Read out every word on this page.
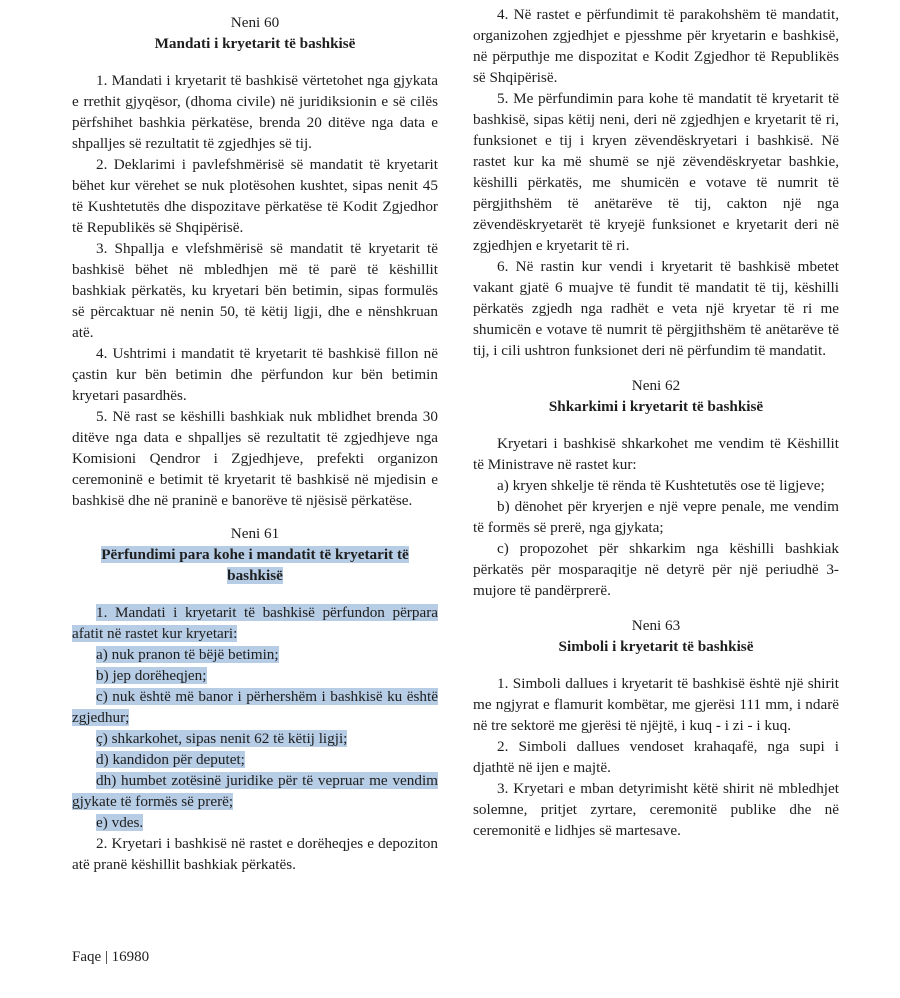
Neni 60
Mandati i kryetarit të bashkisë

1. Mandati i kryetarit të bashkisë vërtetohet nga gjykata e rrethit gjyqësor, (dhoma civile) në juridiksionin e së cilës përfshihet bashkia përkatëse, brenda 20 ditëve nga data e shpalljes së rezultatit të zgjedhjes së tij.

2. Deklarimi i pavlefshmërisë së mandatit të kryetarit bëhet kur vërehet se nuk plotësohen kushtet, sipas nenit 45 të Kushtetutës dhe dispozitave përkatëse të Kodit Zgjedhor të Republikës së Shqipërisë.

3. Shpallja e vlefshmërisë së mandatit të kryetarit të bashkisë bëhet në mbledhjen më të parë të këshillit bashkiak përkatës, ku kryetari bën betimin, sipas formulës së përcaktuar në nenin 50, të këtij ligji, dhe e nënshkruan atë.

4. Ushtrimi i mandatit të kryetarit të bashkisë fillon në çastin kur bën betimin dhe përfundon kur bën betimin kryetari pasardhës.

5. Në rast se këshilli bashkiak nuk mblidhet brenda 30 ditëve nga data e shpalljes së rezultatit të zgjedhjeve nga Komisioni Qendror i Zgjedhjeve, prefekti organizon ceremoninë e betimit të kryetarit të bashkisë në mjedisin e bashkisë dhe në praninë e banorëve të njësisë përkatëse.

Neni 61
Përfundimi para kohe i mandatit të kryetarit të bashkisë

1. Mandati i kryetarit të bashkisë përfundon përpara afatit në rastet kur kryetari:

a) nuk pranon të bëjë betimin;

b) jep dorëheqjen;

c) nuk është më banor i përhershëm i bashkisë ku është zgjedhur;

ç) shkarkohet, sipas nenit 62 të këtij ligji;

d) kandidon për deputet;

dh) humbet zotësinë juridike për të vepruar me vendim gjykate të formës së prerë;

e) vdes.

2. Kryetari i bashkisë në rastet e dorëheqjes e depoziton atë pranë këshillit bashkiak përkatës.

4. Në rastet e përfundimit të parakohshëm të mandatit, organizohen zgjedhjet e pjesshme për kryetarin e bashkisë, në përputhje me dispozitat e Kodit Zgjedhor të Republikës së Shqipërisë.

5. Me përfundimin para kohe të mandatit të kryetarit të bashkisë, sipas këtij neni, deri në zgjedhjen e kryetarit të ri, funksionet e tij i kryen zëvendëskryetari i bashkisë. Në rastet kur ka më shumë se një zëvendëskryetar bashkie, këshilli përkatës, me shumicën e votave të numrit të përgjithshëm të anëtarëve të tij, cakton një nga zëvendëskryetarët të kryejë funksionet e kryetarit deri në zgjedhjen e kryetarit të ri.

6. Në rastin kur vendi i kryetarit të bashkisë mbetet vakant gjatë 6 muajve të fundit të mandatit të tij, këshilli përkatës zgjedh nga radhët e veta një kryetar të ri me shumicën e votave të numrit të përgjithshëm të anëtarëve të tij, i cili ushtron funksionet deri në përfundim të mandatit.

Neni 62
Shkarkimi i kryetarit të bashkisë

Kryetari i bashkisë shkarkohet me vendim të Këshillit të Ministrave në rastet kur:

a) kryen shkelje të rënda të Kushtetutës ose të ligjeve;

b) dënohet për kryerjen e një vepre penale, me vendim të formës së prerë, nga gjykata;

c) propozohet për shkarkim nga këshilli bashkiak përkatës për mosparaqitje në detyrë për një periudhë 3-mujore të pandërprerë.

Neni 63
Simboli i kryetarit të bashkisë

1. Simboli dallues i kryetarit të bashkisë është një shirit me ngjyrat e flamurit kombëtar, me gjerësi 111 mm, i ndarë në tre sektorë me gjerësi të njëjtë, i kuq - i zi - i kuq.

2. Simboli dallues vendoset krahaqafë, nga supi i djathtë në ijen e majtë.

3. Kryetari e mban detyrimisht këtë shirit në mbledhjet solemne, pritjet zyrtare, ceremonitë publike dhe në ceremonitë e lidhjes së martesave.

Faqe | 16980
